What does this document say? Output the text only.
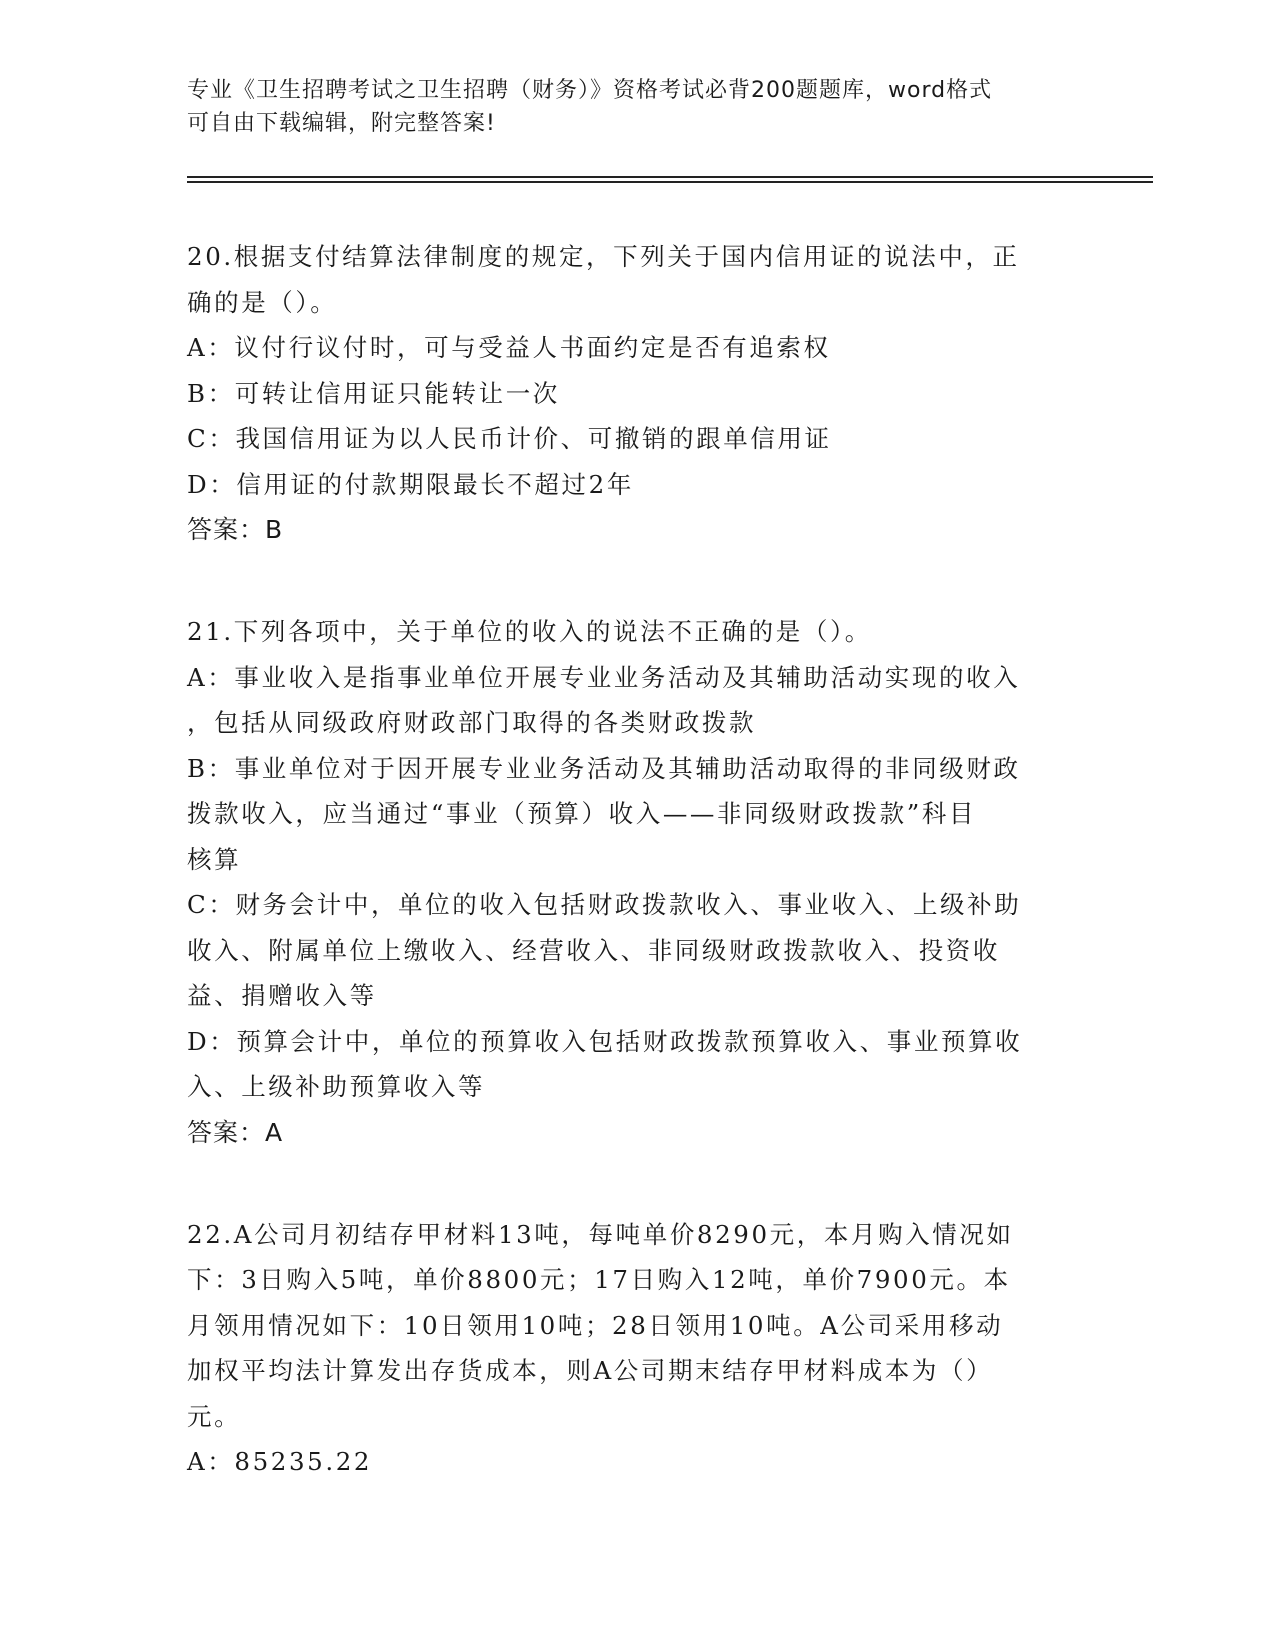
专业《卫生招聘考试之卫生招聘（财务）》资格考试必背200题题库，word格式

可自由下载编辑，附完整答案!

20.根据支付结算法律制度的规定，下列关于国内信用证的说法中，正
确的是（）。
A：议付行议付时，可与受益人书面约定是否有追索权
B：可转让信用证只能转让一次
C：我国信用证为以人民币计价、可撤销的跟单信用证
D：信用证的付款期限最长不超过2年
答案：B
21.下列各项中，关于单位的收入的说法不正确的是（）。
A：事业收入是指事业单位开展专业业务活动及其辅助活动实现的收入
，包括从同级政府财政部门取得的各类财政拨款
B：事业单位对于因开展专业业务活动及其辅助活动取得的非同级财政
拨款收入，应当通过“事业（预算）收入——非同级财政拨款”科目
核算
C：财务会计中，单位的收入包括财政拨款收入、事业收入、上级补助
收入、附属单位上缴收入、经营收入、非同级财政拨款收入、投资收
益、捐赠收入等
D：预算会计中，单位的预算收入包括财政拨款预算收入、事业预算收
入、上级补助预算收入等
答案：A
22.A公司月初结存甲材料13吨，每吨单价8290元，本月购入情况如
下：3日购入5吨，单价8800元；17日购入12吨，单价7900元。本
月领用情况如下：10日领用10吨；28日领用10吨。A公司采用移动
加权平均法计算发出存货成本，则A公司期末结存甲材料成本为（）
元。
A：85235.22
